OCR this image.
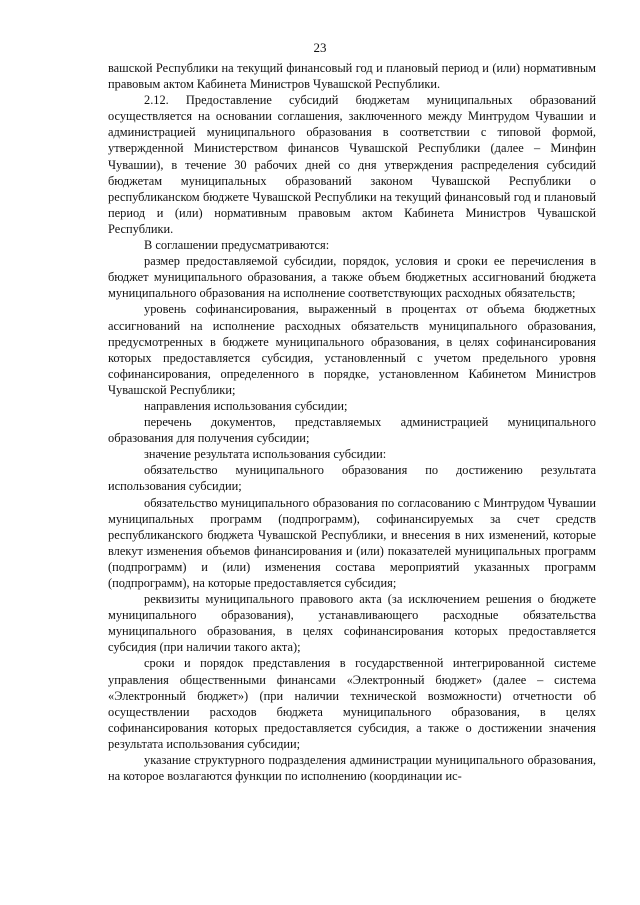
23

вашской Республики на текущий финансовый год и плановый период и (или) нормативным правовым актом Кабинета Министров Чувашской Республики.

2.12. Предоставление субсидий бюджетам муниципальных образований осуществляется на основании соглашения, заключенного между Минтрудом Чувашии и администрацией муниципального образования в соответствии с типовой формой, утвержденной Министерством финансов Чувашской Республики (далее – Минфин Чувашии), в течение 30 рабочих дней со дня утверждения распределения субсидий бюджетам муниципальных образований законом Чувашской Республики о республиканском бюджете Чувашской Республики на текущий финансовый год и плановый период и (или) нормативным правовым актом Кабинета Министров Чувашской Республики.

В соглашении предусматриваются:

размер предоставляемой субсидии, порядок, условия и сроки ее перечисления в бюджет муниципального образования, а также объем бюджетных ассигнований бюджета муниципального образования на исполнение соответствующих расходных обязательств;

уровень софинансирования, выраженный в процентах от объема бюджетных ассигнований на исполнение расходных обязательств муниципального образования, предусмотренных в бюджете муниципального образования, в целях софинансирования которых предоставляется субсидия, установленный с учетом предельного уровня софинансирования, определенного в порядке, установленном Кабинетом Министров Чувашской Республики;

направления использования субсидии;

перечень документов, представляемых администрацией муниципального образования для получения субсидии;

значение результата использования субсидии:

обязательство муниципального образования по достижению результата использования субсидии;

обязательство муниципального образования по согласованию с Минтрудом Чувашии муниципальных программ (подпрограмм), софинансируемых за счет средств республиканского бюджета Чувашской Республики, и внесения в них изменений, которые влекут изменения объемов финансирования и (или) показателей муниципальных программ (подпрограмм) и (или) изменения состава мероприятий указанных программ (подпрограмм), на которые предоставляется субсидия;

реквизиты муниципального правового акта (за исключением решения о бюджете муниципального образования), устанавливающего расходные обязательства муниципального образования, в целях софинансирования которых предоставляется субсидия (при наличии такого акта);

сроки и порядок представления в государственной интегрированной системе управления общественными финансами «Электронный бюджет» (далее – система «Электронный бюджет») (при наличии технической возможности) отчетности об осуществлении расходов бюджета муниципального образования, в целях софинансирования которых предоставляется субсидия, а также о достижении значения результата использования субсидии;

указание структурного подразделения администрации муниципального образования, на которое возлагаются функции по исполнению (координации ис-
